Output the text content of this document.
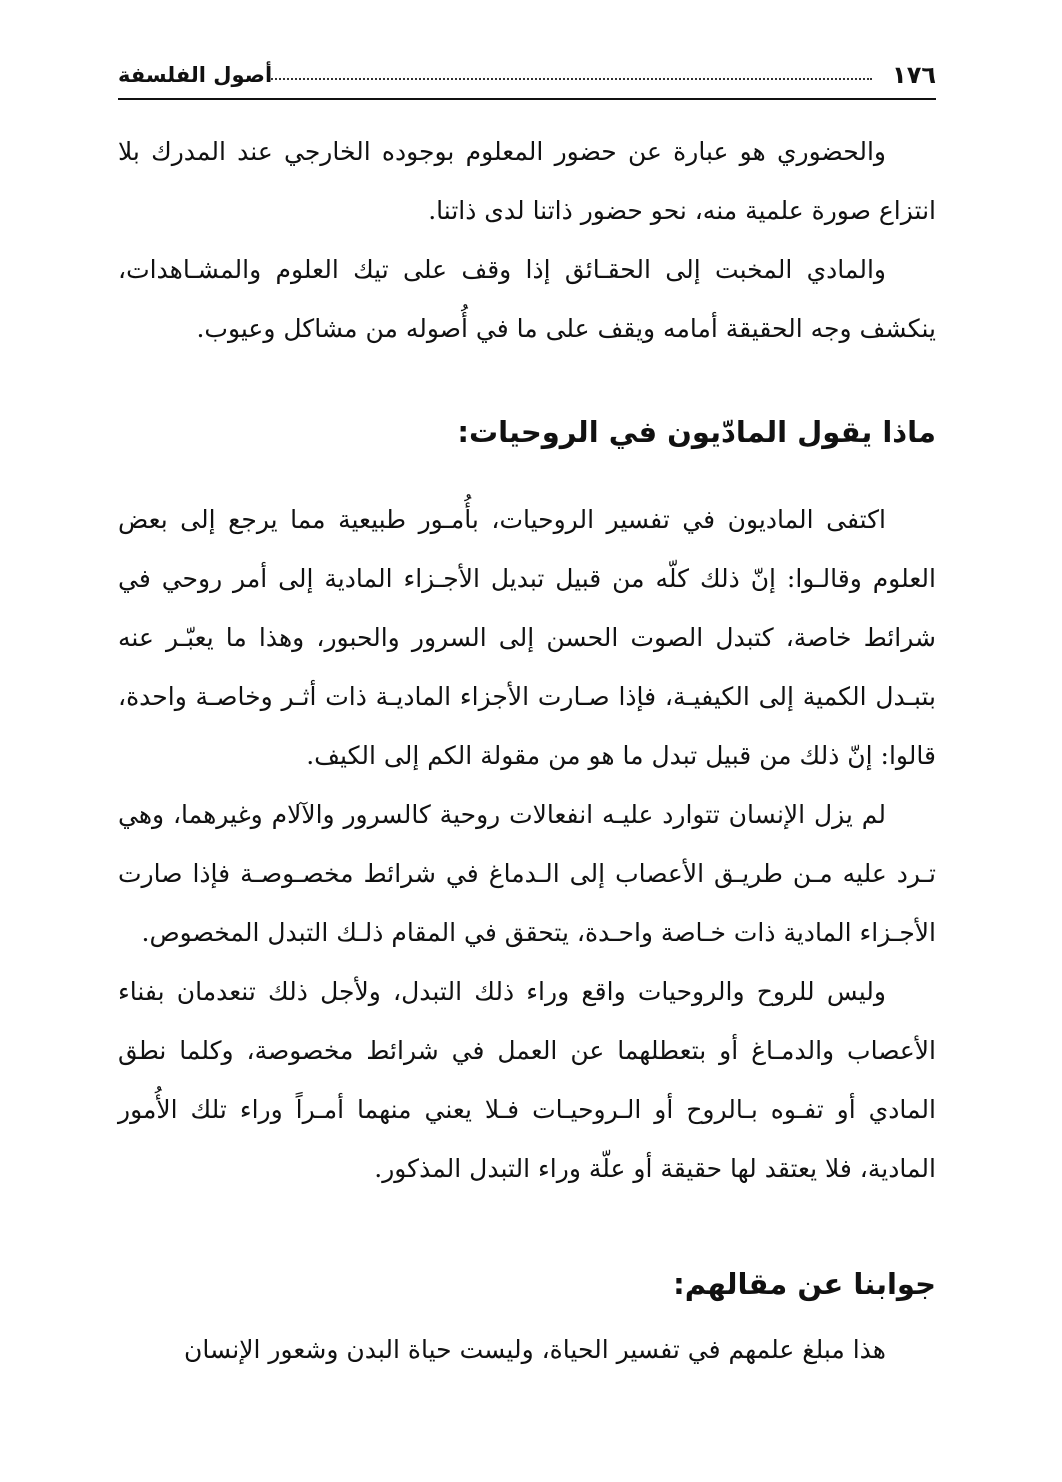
١٧٦
أصول الفلسفة

والحضوري هو عبارة عن حضور المعلوم بوجوده الخارجي عند المدرك بلا انتزاع صورة علمية منه، نحو حضور ذاتنا لدى ذاتنا.

والمادي المخبت إلى الحقـائق إذا وقف على تيك العلوم والمشـاهدات، ينكشف وجه الحقيقة أمامه ويقف على ما في أُصوله من مشاكل وعيوب.

ماذا يقول المادّيون في الروحيات:

اكتفى الماديون في تفسير الروحيات، بأُمـور طبيعية مما يرجع إلى بعض العلوم وقالـوا: إنّ ذلك كلّه من قبيل تبديل الأجـزاء المادية إلى أمر روحي في شرائط خاصة، كتبدل الصوت الحسن إلى السرور والحبور، وهذا ما يعبّـر عنه بتبـدل الكمية إلى الكيفيـة، فإذا صـارت الأجزاء الماديـة ذات أثـر وخاصـة واحدة، قالوا: إنّ ذلك من قبيل تبدل ما هو من مقولة الكم إلى الكيف.

لم يزل الإنسان تتوارد عليـه انفعالات روحية كالسرور والآلام وغيرهما، وهي تـرد عليه مـن طريـق الأعصاب إلى الـدماغ في شرائط مخصـوصـة فإذا صارت الأجـزاء المادية ذات خـاصة واحـدة، يتحقق في المقام ذلـك التبدل المخصوص.

وليس للروح والروحيات واقع وراء ذلك التبدل، ولأجل ذلك تنعدمان بفناء الأعصاب والدمـاغ أو بتعطلهما عن العمل في شرائط مخصوصة، وكلما نطق المادي أو تفـوه بـالروح أو الـروحيـات فـلا يعني منهما أمـراً وراء تلك الأُمور المادية، فلا يعتقد لها حقيقة أو علّة وراء التبدل المذكور.

جوابنا عن مقالهم:

هذا مبلغ علمهم في تفسير الحياة، وليست حياة البدن وشعور الإنسان
